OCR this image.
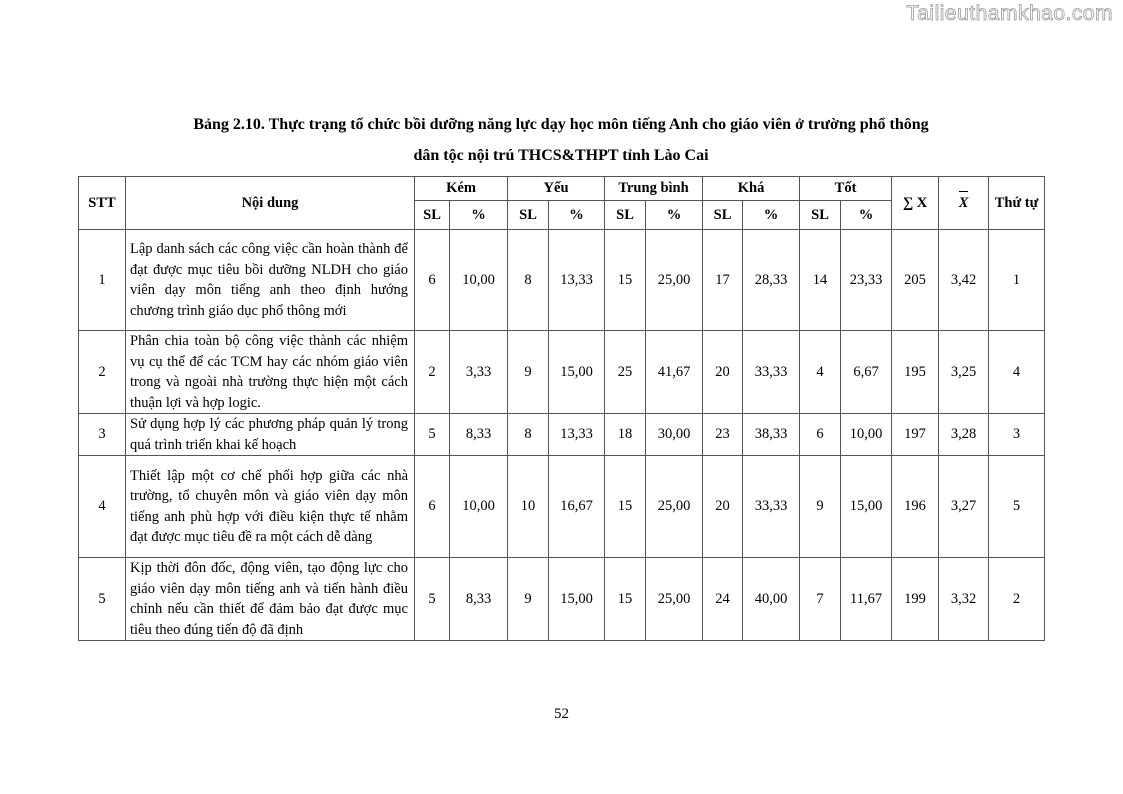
Tailieuthamkhao.com
Bảng 2.10. Thực trạng tổ chức bồi dưỡng năng lực dạy học môn tiếng Anh cho giáo viên ở trường phổ thông
dân tộc nội trú THCS&THPT tỉnh Lào Cai
STT	Nội dung	Kém		Yếu		Trung bình		Khá		Tốt		∑ X	X	Thứ tự
		SL	%	SL	%	SL	%	SL	%	SL	%			
1	Lập danh sách các công việc cần hoàn thành để đạt được mục tiêu bồi dưỡng NLDH cho giáo viên dạy môn tiếng anh theo định hướng chương trình giáo dục phổ thông mới	6	10,00	8	13,33	15	25,00	17	28,33	14	23,33	205	3,42	1
2	Phân chia toàn bộ công việc thành các nhiệm vụ cụ thể để các TCM hay các nhóm giáo viên trong và ngoài nhà trường thực hiện một cách thuận lợi và hợp logic.	2	3,33	9	15,00	25	41,67	20	33,33	4	6,67	195	3,25	4
3	Sử dụng hợp lý các phương pháp quản lý trong quá trình triển khai kế hoạch	5	8,33	8	13,33	18	30,00	23	38,33	6	10,00	197	3,28	3
4	Thiết lập một cơ chế phối hợp giữa các nhà trường, tổ chuyên môn và giáo viên dạy môn tiếng anh phù hợp với điều kiện thực tế nhằm đạt được mục tiêu đề ra một cách dễ dàng	6	10,00	10	16,67	15	25,00	20	33,33	9	15,00	196	3,27	5
5	Kịp thời đôn đốc, động viên, tạo động lực cho giáo viên dạy môn tiếng anh và tiến hành điều chỉnh nếu cần thiết để đảm bảo đạt được mục tiêu theo đúng tiến độ đã định	5	8,33	9	15,00	15	25,00	24	40,00	7	11,67	199	3,32	2
52
